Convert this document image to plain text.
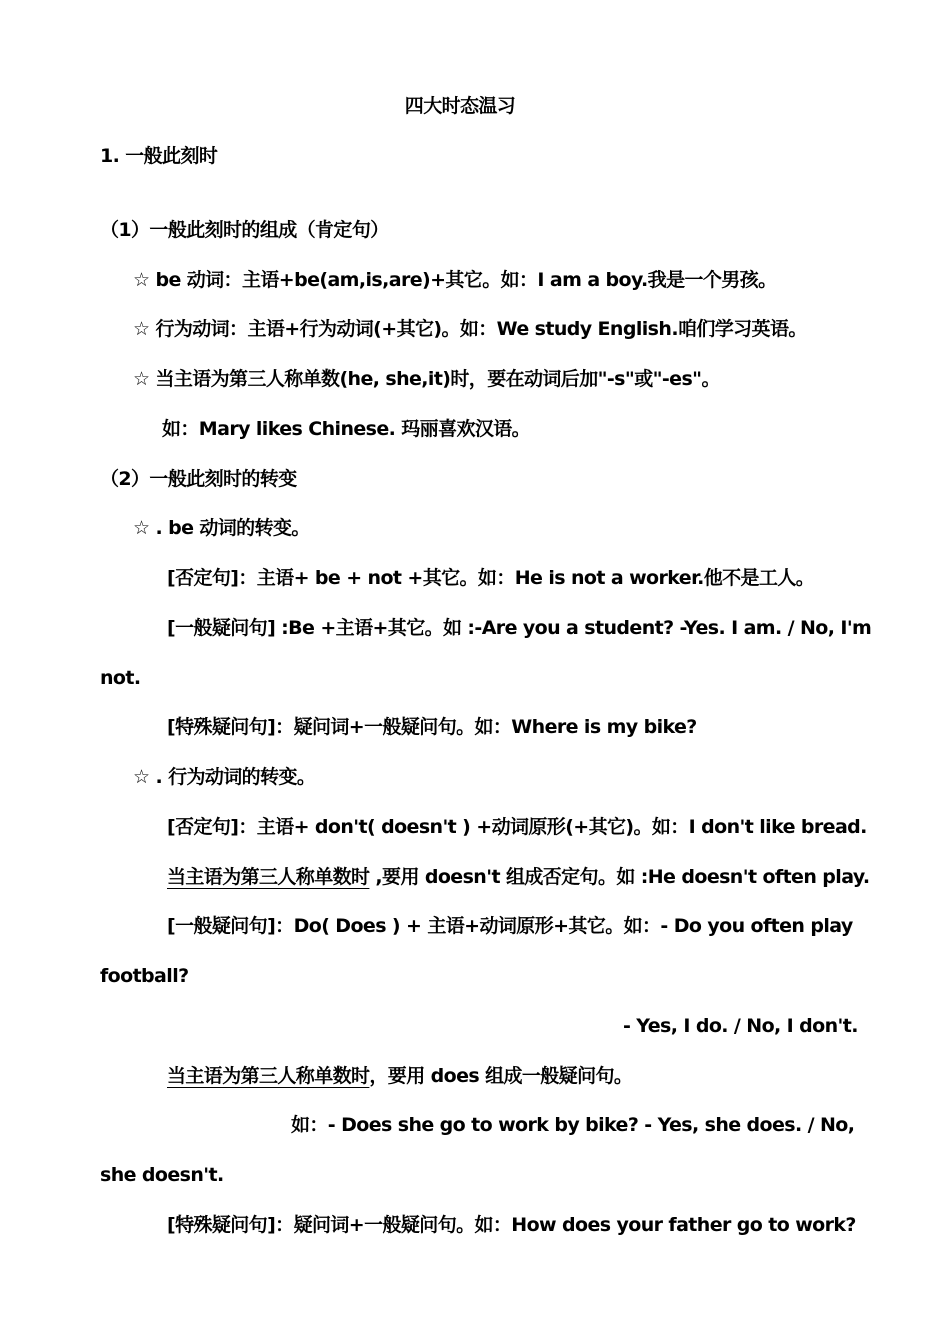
四大时态温习
1. 一般此刻时
（1）一般此刻时的组成（肯定句）
☆ be 动词：主语+be(am,is,are)+其它。如：I am a boy.我是一个男孩。
☆ 行为动词：主语+行为动词(+其它)。如：We study English.咱们学习英语。
☆ 当主语为第三人称单数(he, she,it)时，要在动词后加"-s"或"-es"。
如：Mary likes Chinese. 玛丽喜欢汉语。
（2）一般此刻时的转变
☆ . be 动词的转变。
[否定句]：主语+ be + not +其它。如：He is not a worker.他不是工人。
[一般疑问句] :Be +主语+其它。如 :-Are you a student? -Yes. I am. / No, I'm
not.
[特殊疑问句]：疑问词+一般疑问句。如：Where is my bike?
☆ . 行为动词的转变。
[否定句]：主语+ don't( doesn't ) +动词原形(+其它)。如：I don't like bread.
当主语为第三人称单数时 ,要用 doesn't 组成否定句。如 :He doesn't often play.
[一般疑问句]：Do( Does ) + 主语+动词原形+其它。如：- Do you often play
football?
- Yes, I do. / No, I don't.
当主语为第三人称单数时，要用 does 组成一般疑问句。
如：- Does she go to work by bike? - Yes, she does. / No,
she doesn't.
[特殊疑问句]：疑问词+一般疑问句。如：How does your father go to work?
